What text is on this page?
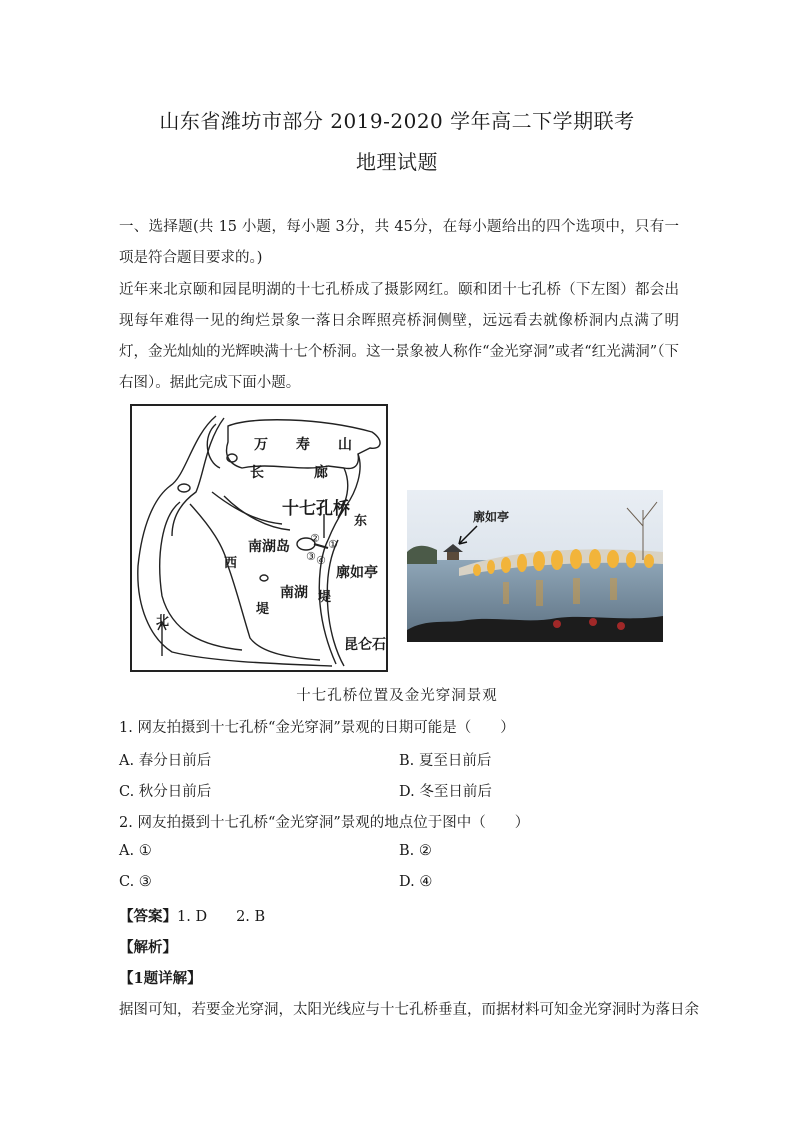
山东省潍坊市部分 2019-2020 学年高二下学期联考
地理试题
一、选择题(共 15 小题，每小题 3分，共 45分，在每小题给出的四个选项中，只有一项是符合题目要求的。)
近年来北京颐和园昆明湖的十七孔桥成了摄影网红。颐和团十七孔桥（下左图）都会出现每年难得一见的绚烂景象一落日余晖照亮桥洞侧壁，远远看去就像桥洞内点满了明灯，金光灿灿的光辉映满十七个桥洞。这一景象被人称作“金光穿洞”或者“红光满洞”（下右图）。据此完成下面小题。
万 寿 山
长	廊
十七孔桥
东
南湖岛
西
南湖
堤
堤
廓如亭
昆仑石
北
①
②
③ ④
廓如亭
十七孔桥位置及金光穿洞景观
1. 网友拍摄到十七孔桥“金光穿洞”景观的日期可能是（　　）
A. 春分日前后	B. 夏至日前后
C. 秋分日前后	D. 冬至日前后
2. 网友拍摄到十七孔桥“金光穿洞”景观的地点位于图中（　　）
A. ①	B. ②
C. ③	D. ④
【答案】1. D　　2. B
【解析】
【1题详解】
据图可知，若要金光穿洞，太阳光线应与十七孔桥垂直，而据材料可知金光穿洞时为落日余
